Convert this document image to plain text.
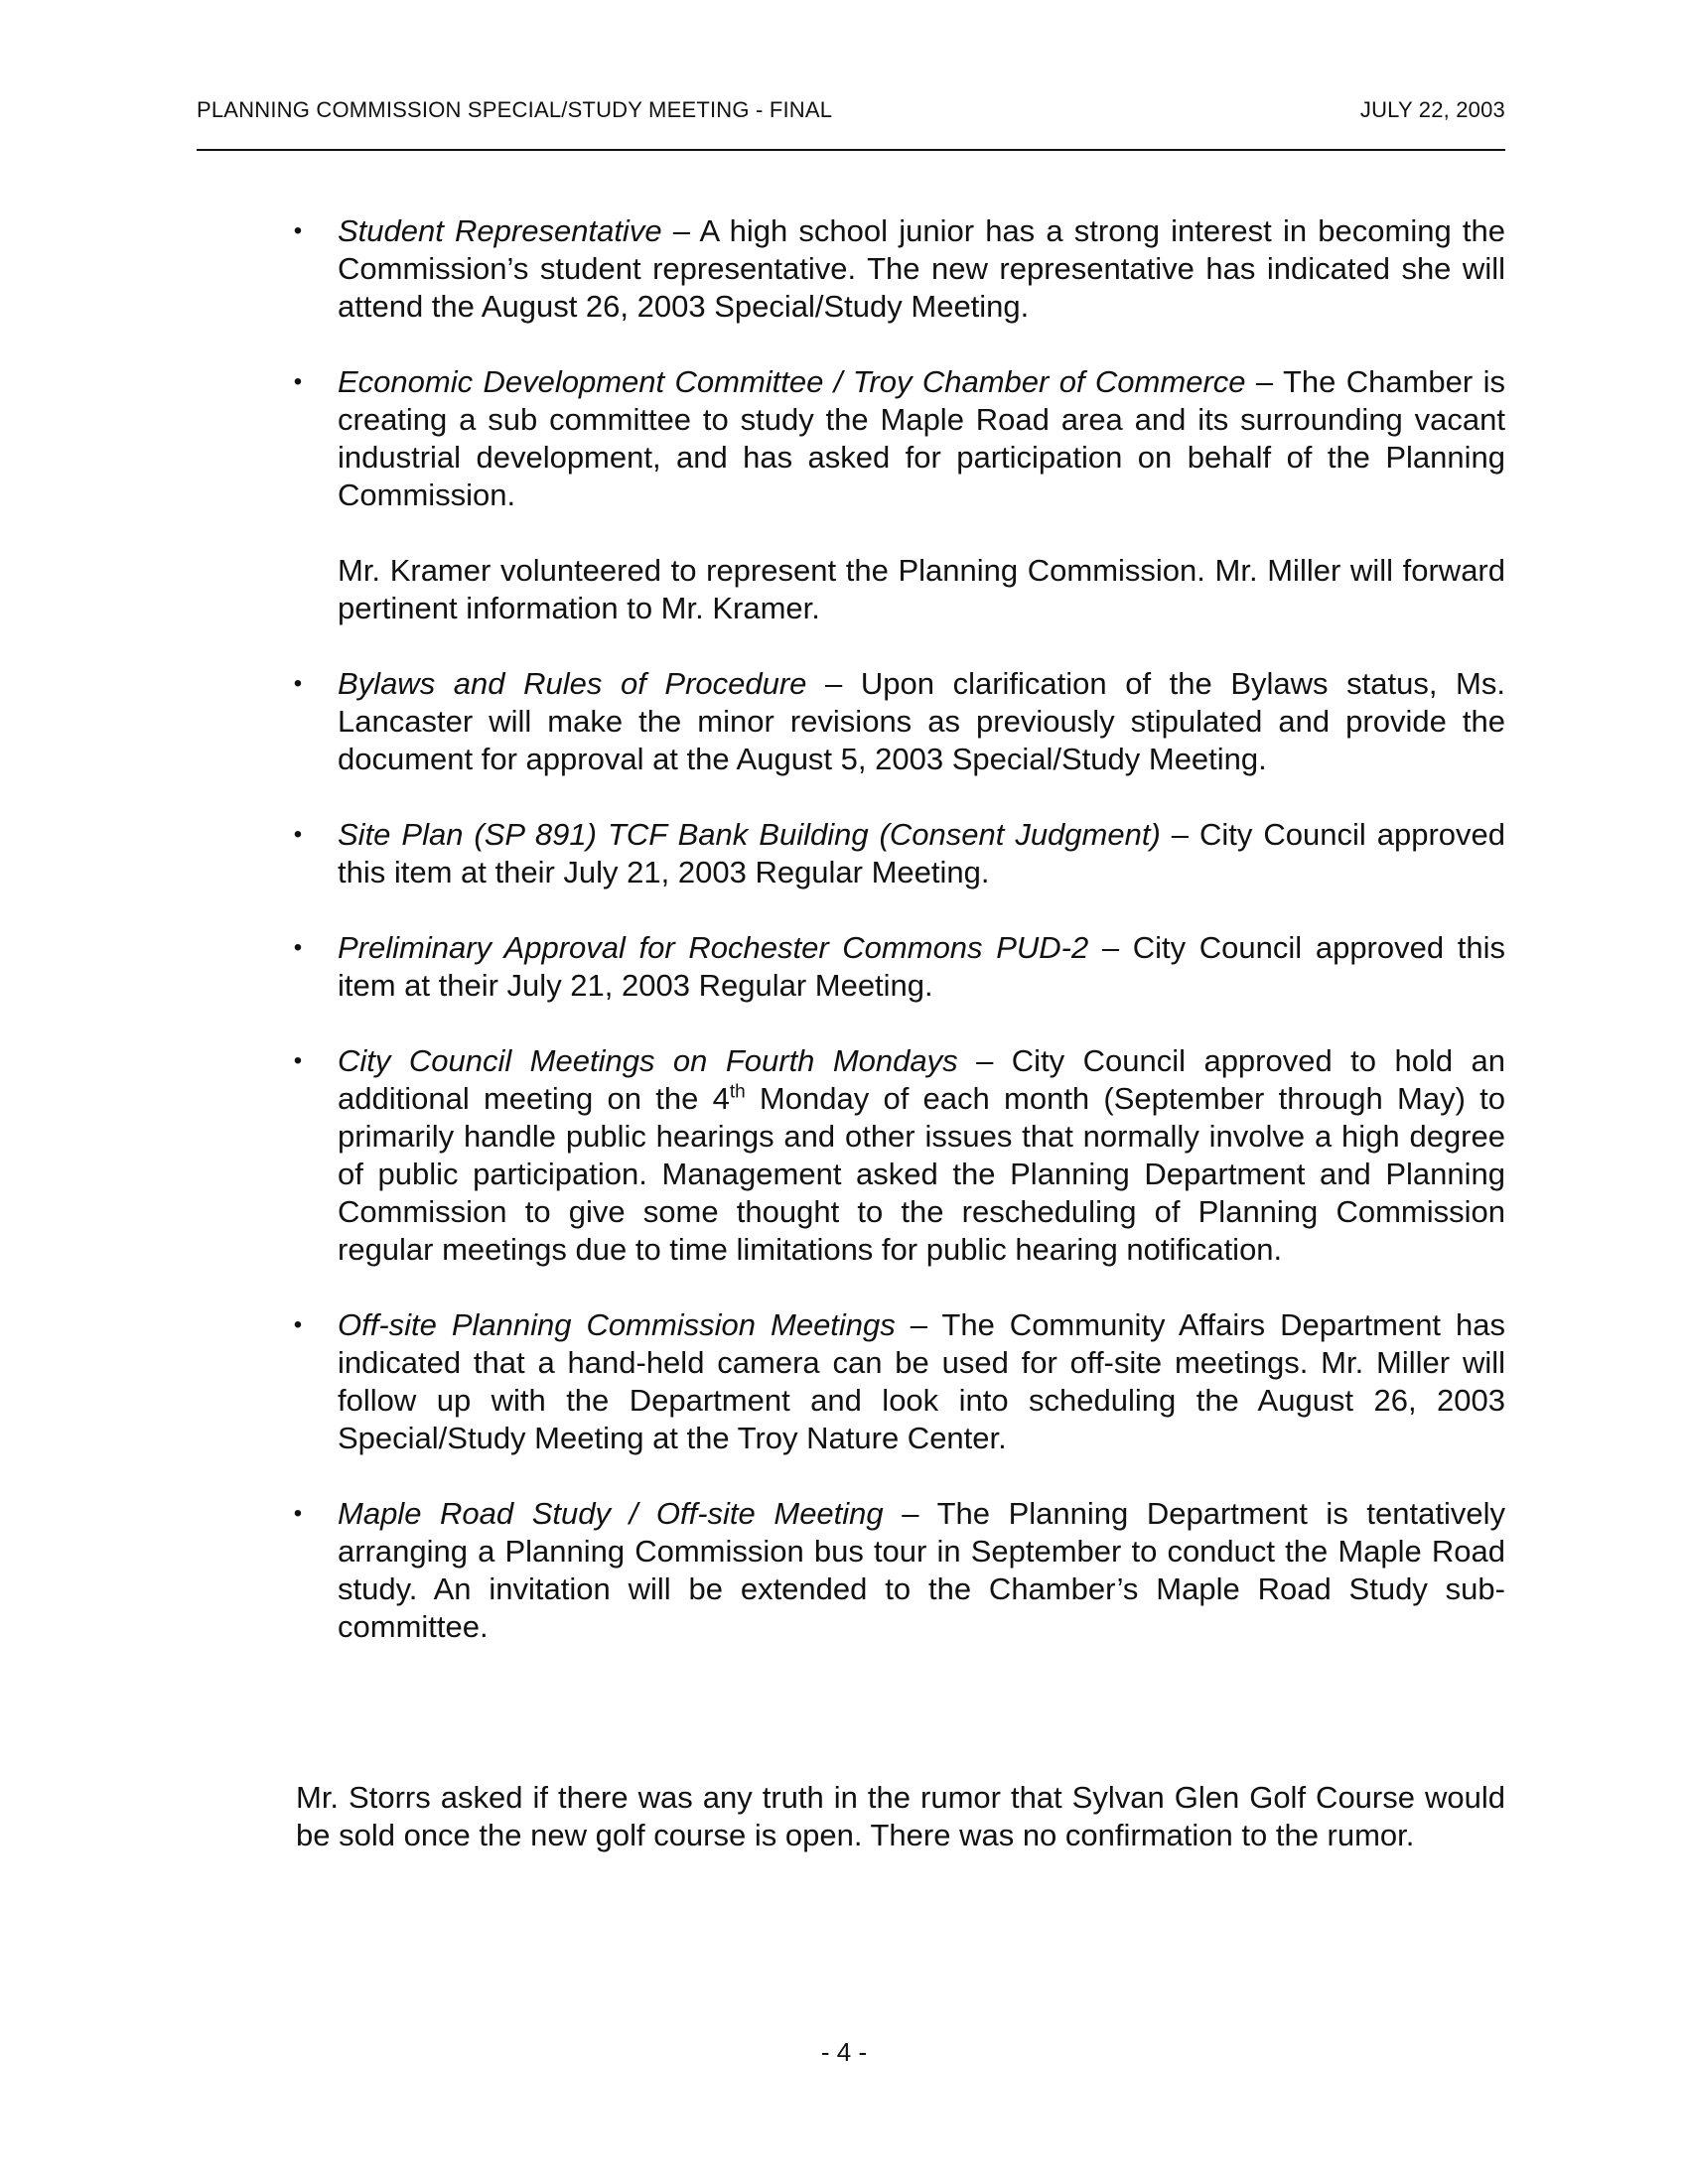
PLANNING COMMISSION SPECIAL/STUDY MEETING - FINAL	JULY 22, 2003
• Student Representative – A high school junior has a strong interest in becoming the Commission’s student representative. The new representative has indicated she will attend the August 26, 2003 Special/Study Meeting.

• Economic Development Committee / Troy Chamber of Commerce – The Chamber is creating a sub committee to study the Maple Road area and its surrounding vacant industrial development, and has asked for participation on behalf of the Planning Commission.

Mr. Kramer volunteered to represent the Planning Commission. Mr. Miller will forward pertinent information to Mr. Kramer.

• Bylaws and Rules of Procedure – Upon clarification of the Bylaws status, Ms. Lancaster will make the minor revisions as previously stipulated and provide the document for approval at the August 5, 2003 Special/Study Meeting.

• Site Plan (SP 891) TCF Bank Building (Consent Judgment) – City Council approved this item at their July 21, 2003 Regular Meeting.

• Preliminary Approval for Rochester Commons PUD-2 – City Council approved this item at their July 21, 2003 Regular Meeting.

• City Council Meetings on Fourth Mondays – City Council approved to hold an additional meeting on the 4th Monday of each month (September through May) to primarily handle public hearings and other issues that normally involve a high degree of public participation. Management asked the Planning Department and Planning Commission to give some thought to the rescheduling of Planning Commission regular meetings due to time limitations for public hearing notification.

• Off-site Planning Commission Meetings – The Community Affairs Department has indicated that a hand-held camera can be used for off-site meetings. Mr. Miller will follow up with the Department and look into scheduling the August 26, 2003 Special/Study Meeting at the Troy Nature Center.

• Maple Road Study / Off-site Meeting – The Planning Department is tentatively arranging a Planning Commission bus tour in September to conduct the Maple Road study. An invitation will be extended to the Chamber’s Maple Road Study sub-committee.

Mr. Storrs asked if there was any truth in the rumor that Sylvan Glen Golf Course would be sold once the new golf course is open. There was no confirmation to the rumor.

- 4 -
